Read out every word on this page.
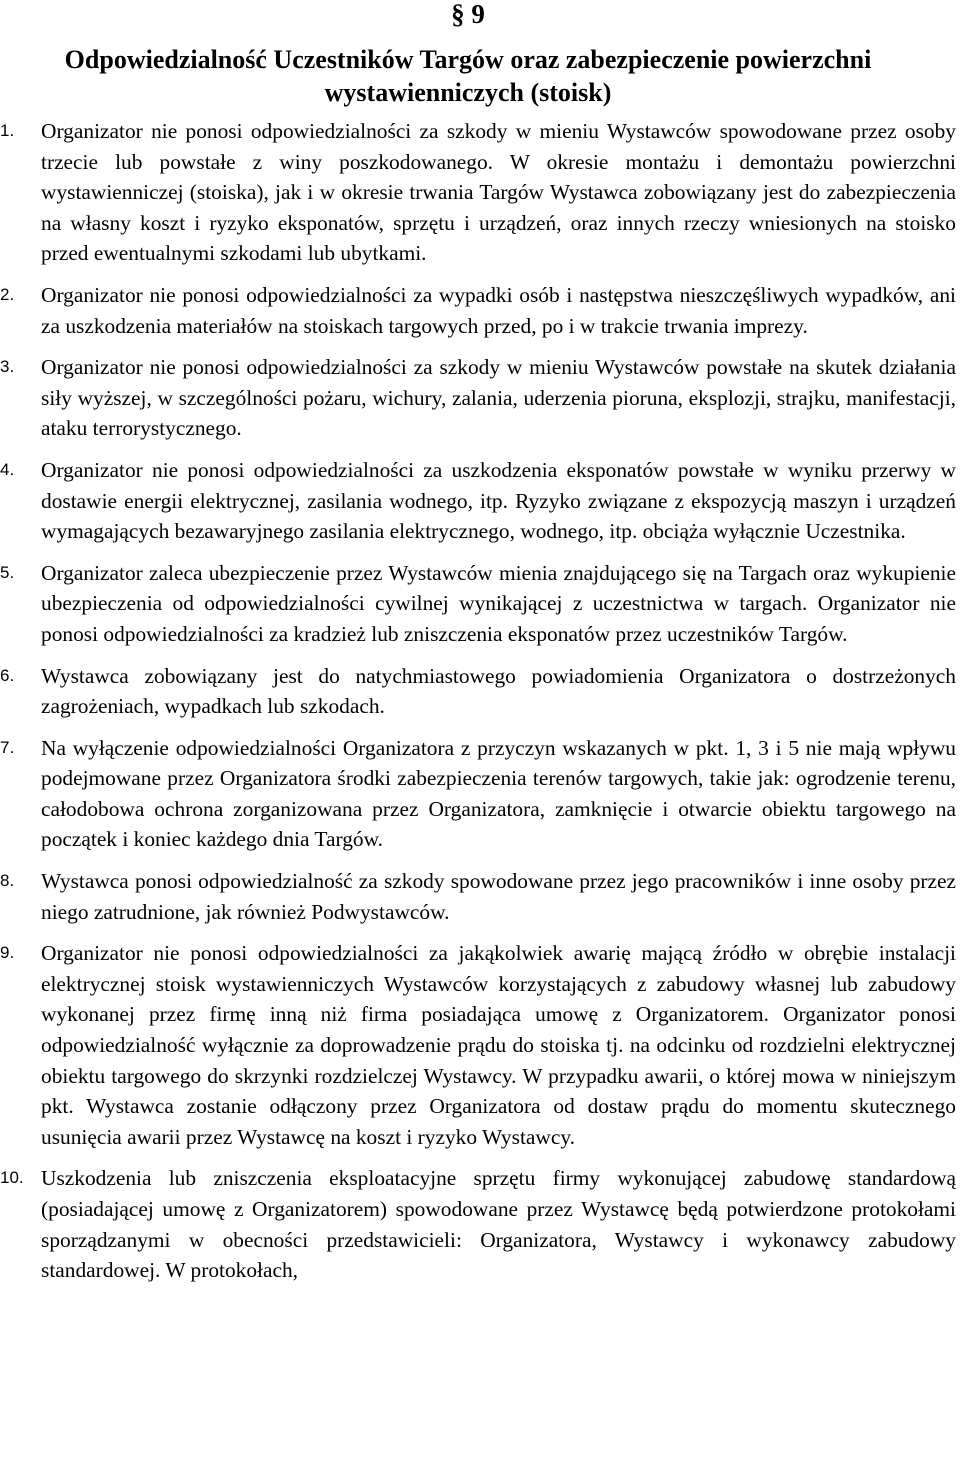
§ 9
Odpowiedzialność Uczestników Targów oraz zabezpieczenie powierzchni
wystawienniczych (stoisk)
1. Organizator nie ponosi odpowiedzialności za szkody w mieniu Wystawców spowodowane przez osoby trzecie lub powstałe z winy poszkodowanego. W okresie montażu i demontażu powierzchni wystawienniczej (stoiska), jak i w okresie trwania Targów Wystawca zobowiązany jest do zabezpieczenia na własny koszt i ryzyko eksponatów, sprzętu i urządzeń, oraz innych rzeczy wniesionych na stoisko przed ewentualnymi szkodami lub ubytkami.
2. Organizator nie ponosi odpowiedzialności za wypadki osób i następstwa nieszczęśliwych wypadków, ani za uszkodzenia materiałów na stoiskach targowych przed, po i w trakcie trwania imprezy.
3. Organizator nie ponosi odpowiedzialności za szkody w mieniu Wystawców powstałe na skutek działania siły wyższej, w szczególności pożaru, wichury, zalania, uderzenia pioruna, eksplozji, strajku, manifestacji, ataku terrorystycznego.
4. Organizator nie ponosi odpowiedzialności za uszkodzenia eksponatów powstałe w wyniku przerwy w dostawie energii elektrycznej, zasilania wodnego, itp. Ryzyko związane z ekspozycją maszyn i urządzeń wymagających bezawaryjnego zasilania elektrycznego, wodnego, itp. obciąża wyłącznie Uczestnika.
5. Organizator zaleca ubezpieczenie przez Wystawców mienia znajdującego się na Targach oraz wykupienie ubezpieczenia od odpowiedzialności cywilnej wynikającej z uczestnictwa w targach. Organizator nie ponosi odpowiedzialności za kradzież lub zniszczenia eksponatów przez uczestników Targów.
6. Wystawca zobowiązany jest do natychmiastowego powiadomienia Organizatora o dostrzeżonych zagrożeniach, wypadkach lub szkodach.
7. Na wyłączenie odpowiedzialności Organizatora z przyczyn wskazanych w pkt. 1, 3 i 5 nie mają wpływu podejmowane przez Organizatora środki zabezpieczenia terenów targowych, takie jak: ogrodzenie terenu, całodobowa ochrona zorganizowana przez Organizatora, zamknięcie i otwarcie obiektu targowego na początek i koniec każdego dnia Targów.
8. Wystawca ponosi odpowiedzialność za szkody spowodowane przez jego pracowników i inne osoby przez niego zatrudnione, jak również Podwystawców.
9. Organizator nie ponosi odpowiedzialności za jakąkolwiek awarię mającą źródło w obrębie instalacji elektrycznej stoisk wystawienniczych Wystawców korzystających z zabudowy własnej lub zabudowy wykonanej przez firmę inną niż firma posiadająca umowę z Organizatorem. Organizator ponosi odpowiedzialność wyłącznie za doprowadzenie prądu do stoiska tj. na odcinku od rozdzielni elektrycznej obiektu targowego do skrzynki rozdzielczej Wystawcy. W przypadku awarii, o której mowa w niniejszym pkt. Wystawca zostanie odłączony przez Organizatora od dostaw prądu do momentu skutecznego usunięcia awarii przez Wystawcę na koszt i ryzyko Wystawcy.
10. Uszkodzenia lub zniszczenia eksploatacyjne sprzętu firmy wykonującej zabudowę standardową (posiadającej umowę z Organizatorem) spowodowane przez Wystawcę będą potwierdzone protokołami sporządzanymi w obecności przedstawicieli: Organizatora, Wystawcy i wykonawcy zabudowy standardowej. W protokołach,
